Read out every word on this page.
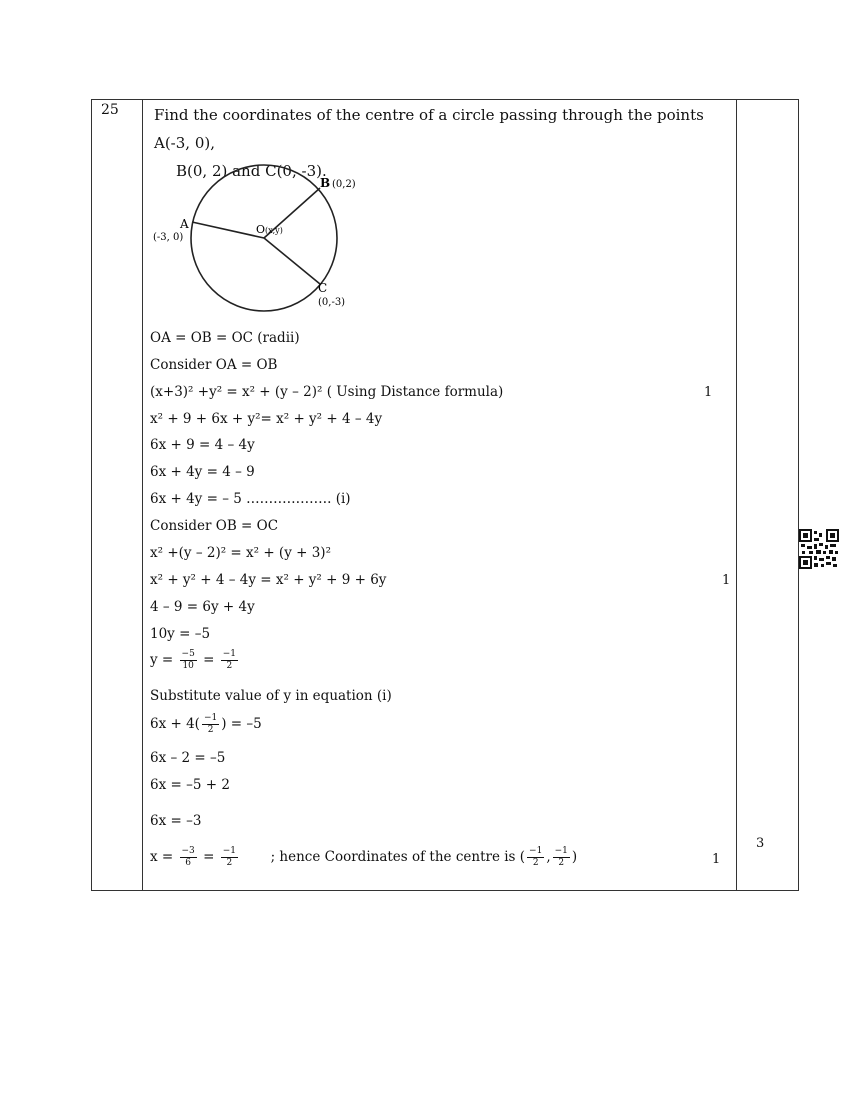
25 Find the coordinates of the centre of a circle passing through the points A(-3, 0),
B(0, 2) and C(0, -3).
A
(-3, 0)
B (0,2)
C
(0,-3)
O (x,y)
OA = OB = OC (radii)
Consider OA = OB
(x+3)² +y² = x² + (y – 2)² ( Using Distance formula)
x² + 9 + 6x + y²= x² + y² + 4 – 4y
6x + 9 = 4 – 4y
6x + 4y = 4 – 9
6x + 4y = – 5 ………………. (i)
Consider OB = OC
x² +(y – 2)² = x² + (y + 3)²
x² + y² + 4 – 4y = x² + y² + 9 + 6y
4 – 9 = 6y + 4y
10y = –5
$y = \frac{-5}{10} = \frac{-1}{2}$
Substitute value of y in equation (i)
$6x + 4( \frac{-1}{2}$ ) = –5
6x – 2 = –5
6x = –5 + 2
6x = –3
$x = \frac{-3}{6} = \frac{-1}{2}$ ; hence Coordinates of the centre is ( $\frac{-1}{2}$ , $\frac{-1}{2}$ )
1
1
1
3
